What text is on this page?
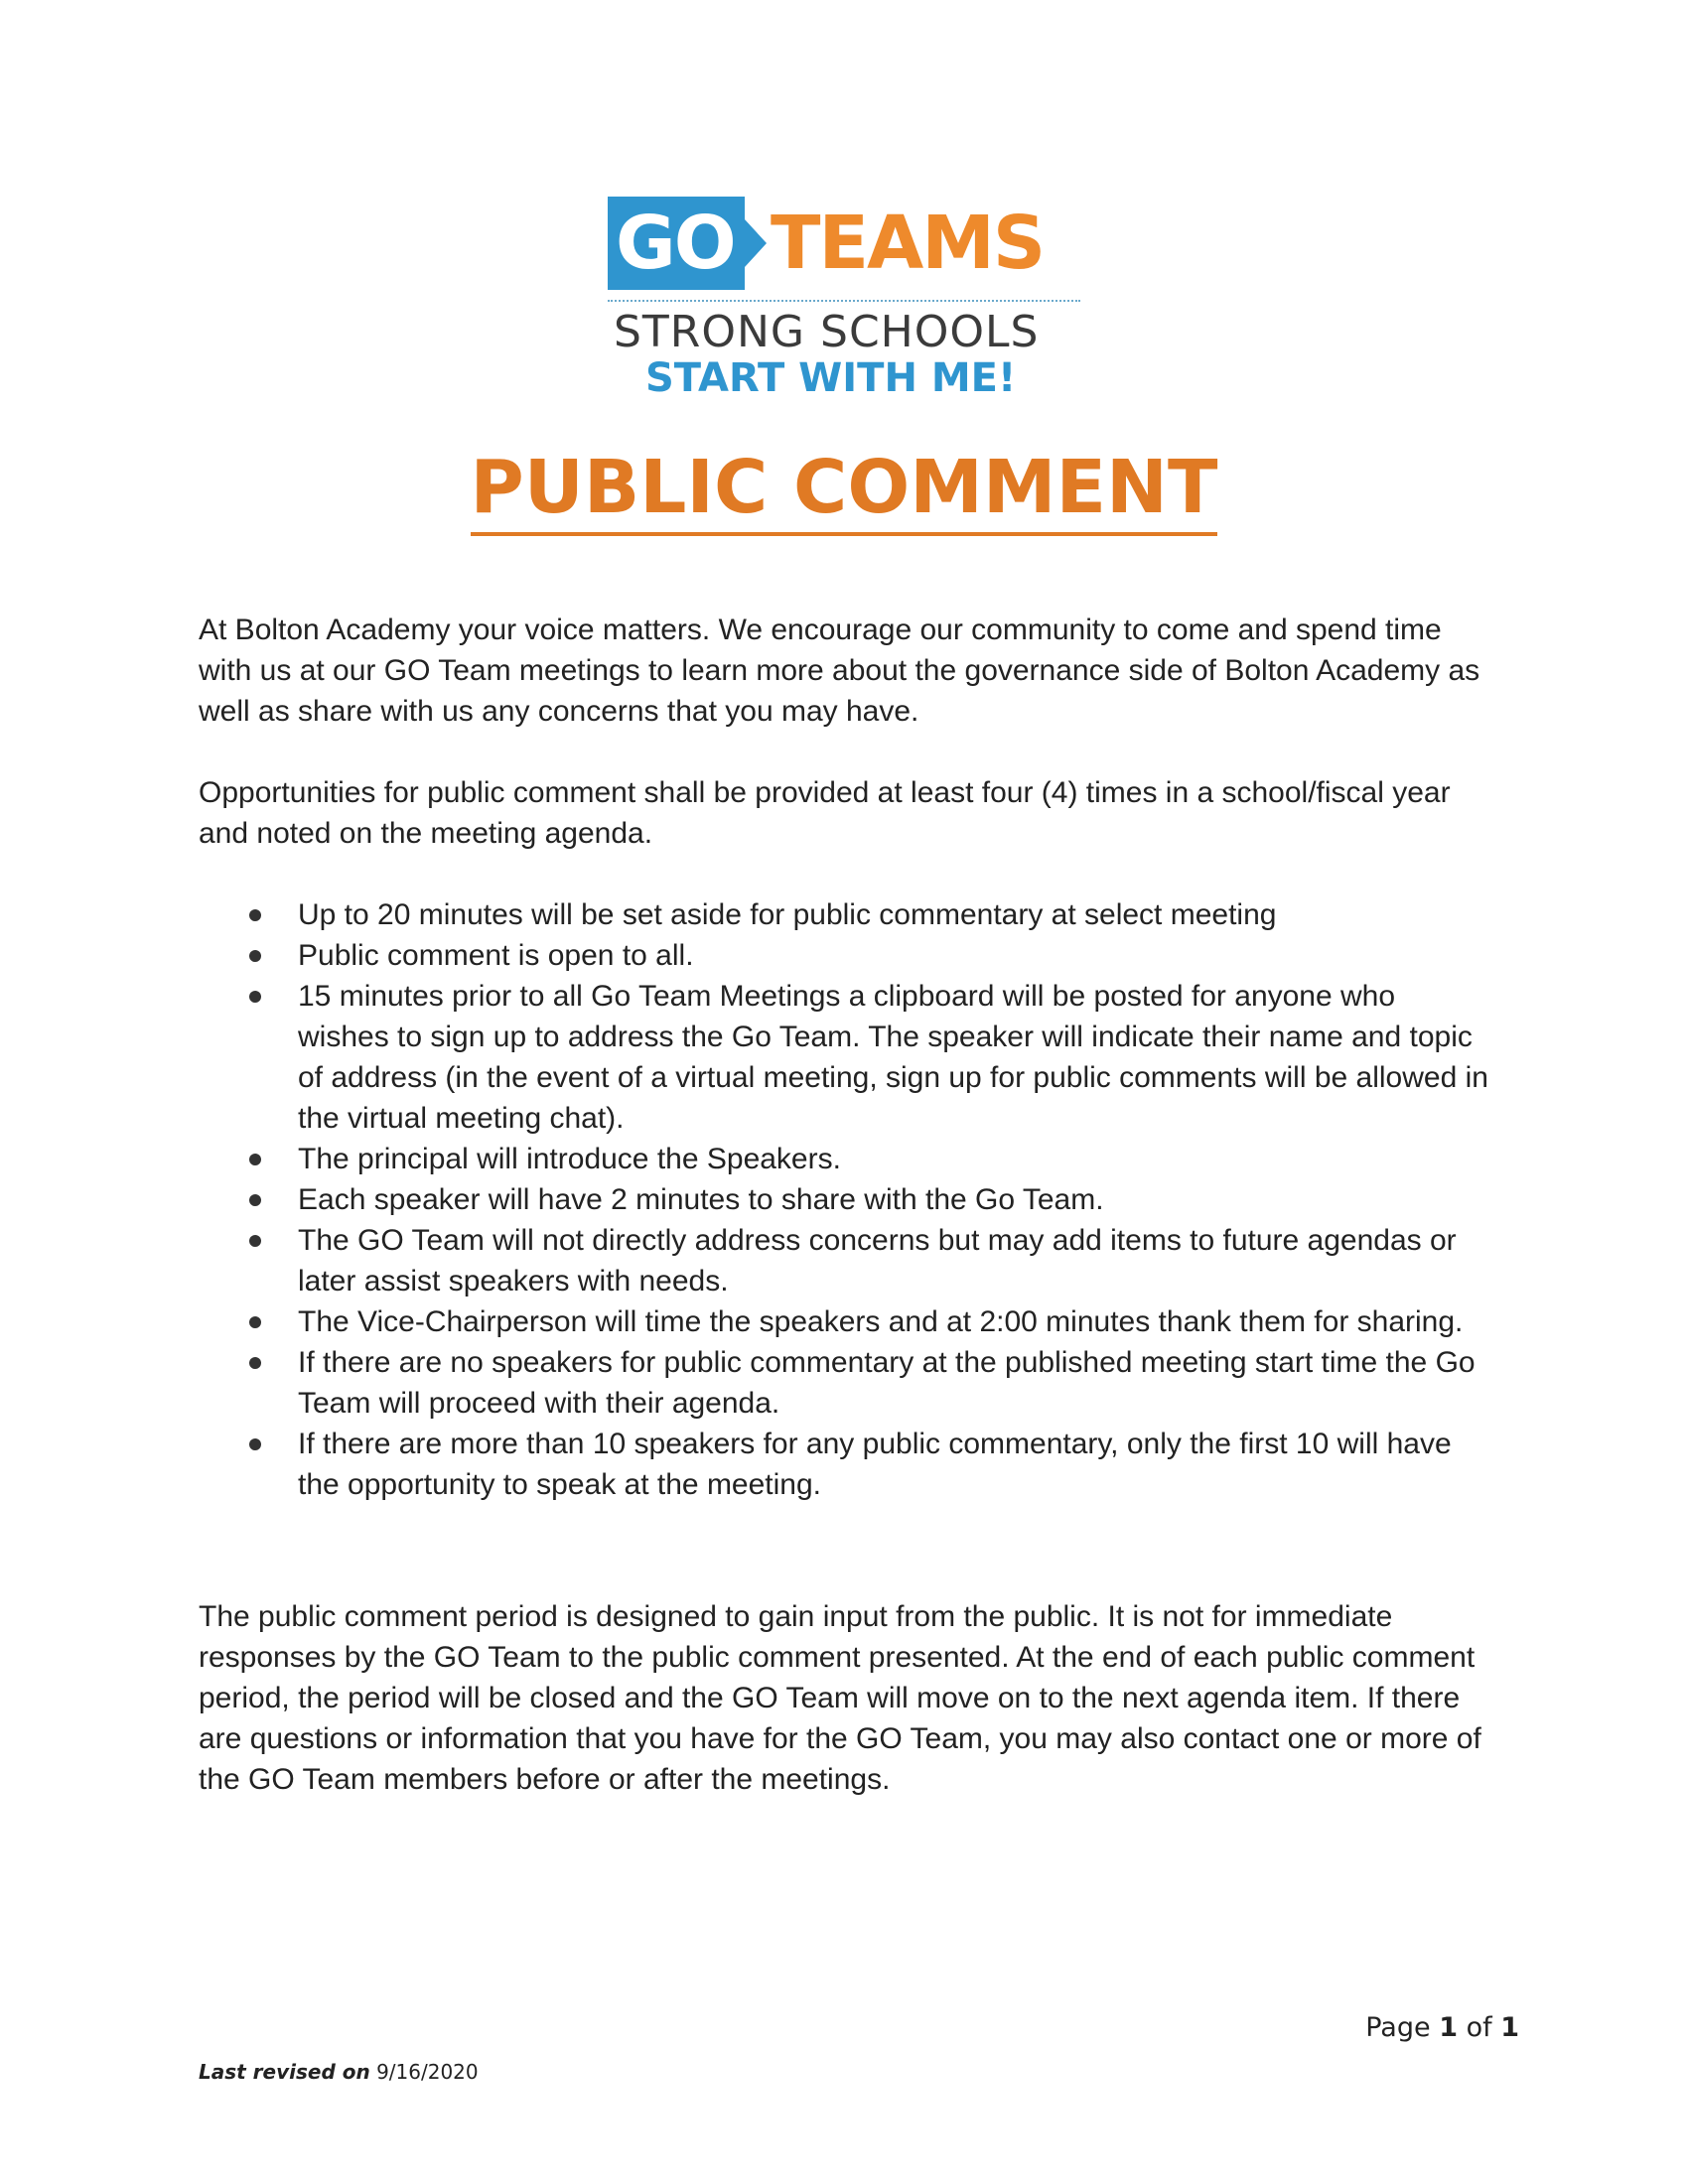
GO TEAMS
STRONG SCHOOLS
START WITH ME!
PUBLIC COMMENT

At Bolton Academy your voice matters. We encourage our community to come and spend time with us at our GO Team meetings to learn more about the governance side of Bolton Academy as well as share with us any concerns that you may have.

Opportunities for public comment shall be provided at least four (4) times in a school/fiscal year and noted on the meeting agenda.

Up to 20 minutes will be set aside for public commentary at select meeting
Public comment is open to all.
15 minutes prior to all Go Team Meetings a clipboard will be posted for anyone who wishes to sign up to address the Go Team. The speaker will indicate their name and topic of address (in the event of a virtual meeting, sign up for public comments will be allowed in the virtual meeting chat).
The principal will introduce the Speakers.
Each speaker will have 2 minutes to share with the Go Team.
The GO Team will not directly address concerns but may add items to future agendas or later assist speakers with needs.
The Vice-Chairperson will time the speakers and at 2:00 minutes thank them for sharing.
If there are no speakers for public commentary at the published meeting start time the Go Team will proceed with their agenda.
If there are more than 10 speakers for any public commentary, only the first 10 will have the opportunity to speak at the meeting.

The public comment period is designed to gain input from the public. It is not for immediate responses by the GO Team to the public comment presented. At the end of each public comment period, the period will be closed and the GO Team will move on to the next agenda item. If there are questions or information that you have for the GO Team, you may also contact one or more of the GO Team members before or after the meetings.

Page 1 of 1
Last revised on 9/16/2020
